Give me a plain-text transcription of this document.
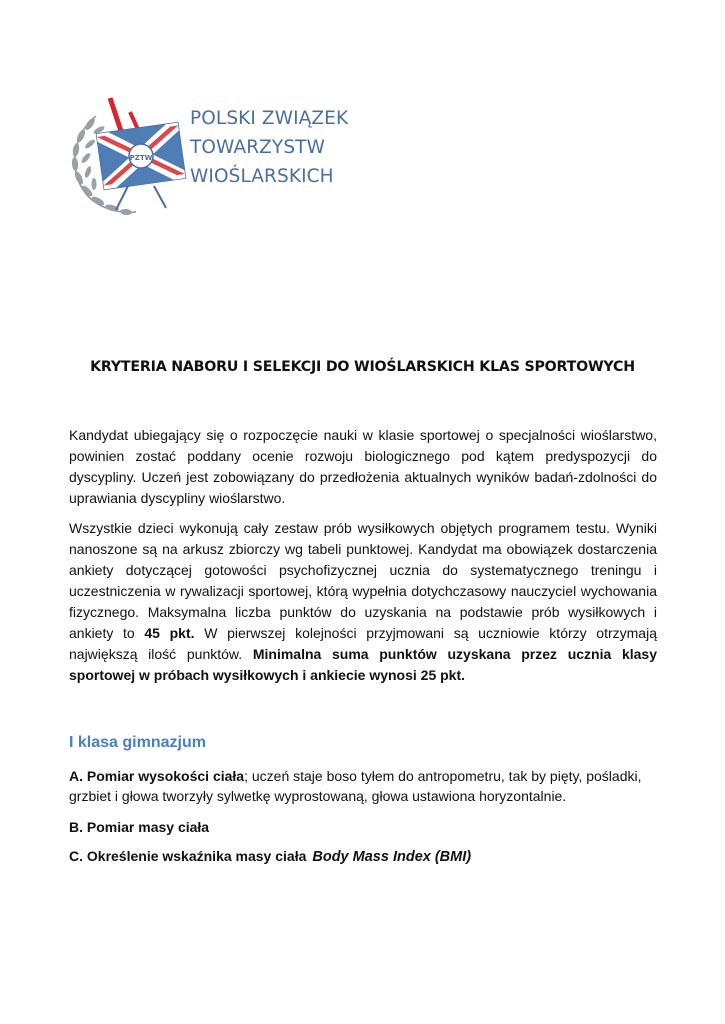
PZTW
POLSKI ZWIĄZEK
TOWARZYSTW
WIOŚLARSKICH
KRYTERIA NABORU I SELEKCJI DO WIOŚLARSKICH KLAS SPORTOWYCH

Kandydat ubiegający się o rozpoczęcie nauki w klasie sportowej o specjalności wioślarstwo, powinien zostać poddany ocenie rozwoju biologicznego pod kątem predyspozycji do dyscypliny. Uczeń jest zobowiązany do przedłożenia aktualnych wyników badań-zdolności do uprawiania dyscypliny wioślarstwo.

Wszystkie dzieci wykonują cały zestaw prób wysiłkowych objętych programem testu. Wyniki nanoszone są na arkusz zbiorczy wg tabeli punktowej. Kandydat ma obowiązek dostarczenia ankiety dotyczącej gotowości psychofizycznej ucznia do systematycznego treningu i uczestniczenia w rywalizacji sportowej, którą wypełnia dotychczasowy nauczyciel wychowania fizycznego. Maksymalna liczba punktów do uzyskania na podstawie prób wysiłkowych i ankiety to 45 pkt. W pierwszej kolejności przyjmowani są uczniowie którzy otrzymają największą ilość punktów. Minimalna suma punktów uzyskana przez ucznia klasy sportowej w próbach wysiłkowych i ankiecie wynosi 25 pkt.

I klasa gimnazjum

A. Pomiar wysokości ciała; uczeń staje boso tyłem do antropometru, tak by pięty, pośladki, grzbiet i głowa tworzyły sylwetkę wyprostowaną, głowa ustawiona horyzontalnie.

B. Pomiar masy ciała

C. Określenie wskaźnika masy ciała Body Mass Index (BMI)
